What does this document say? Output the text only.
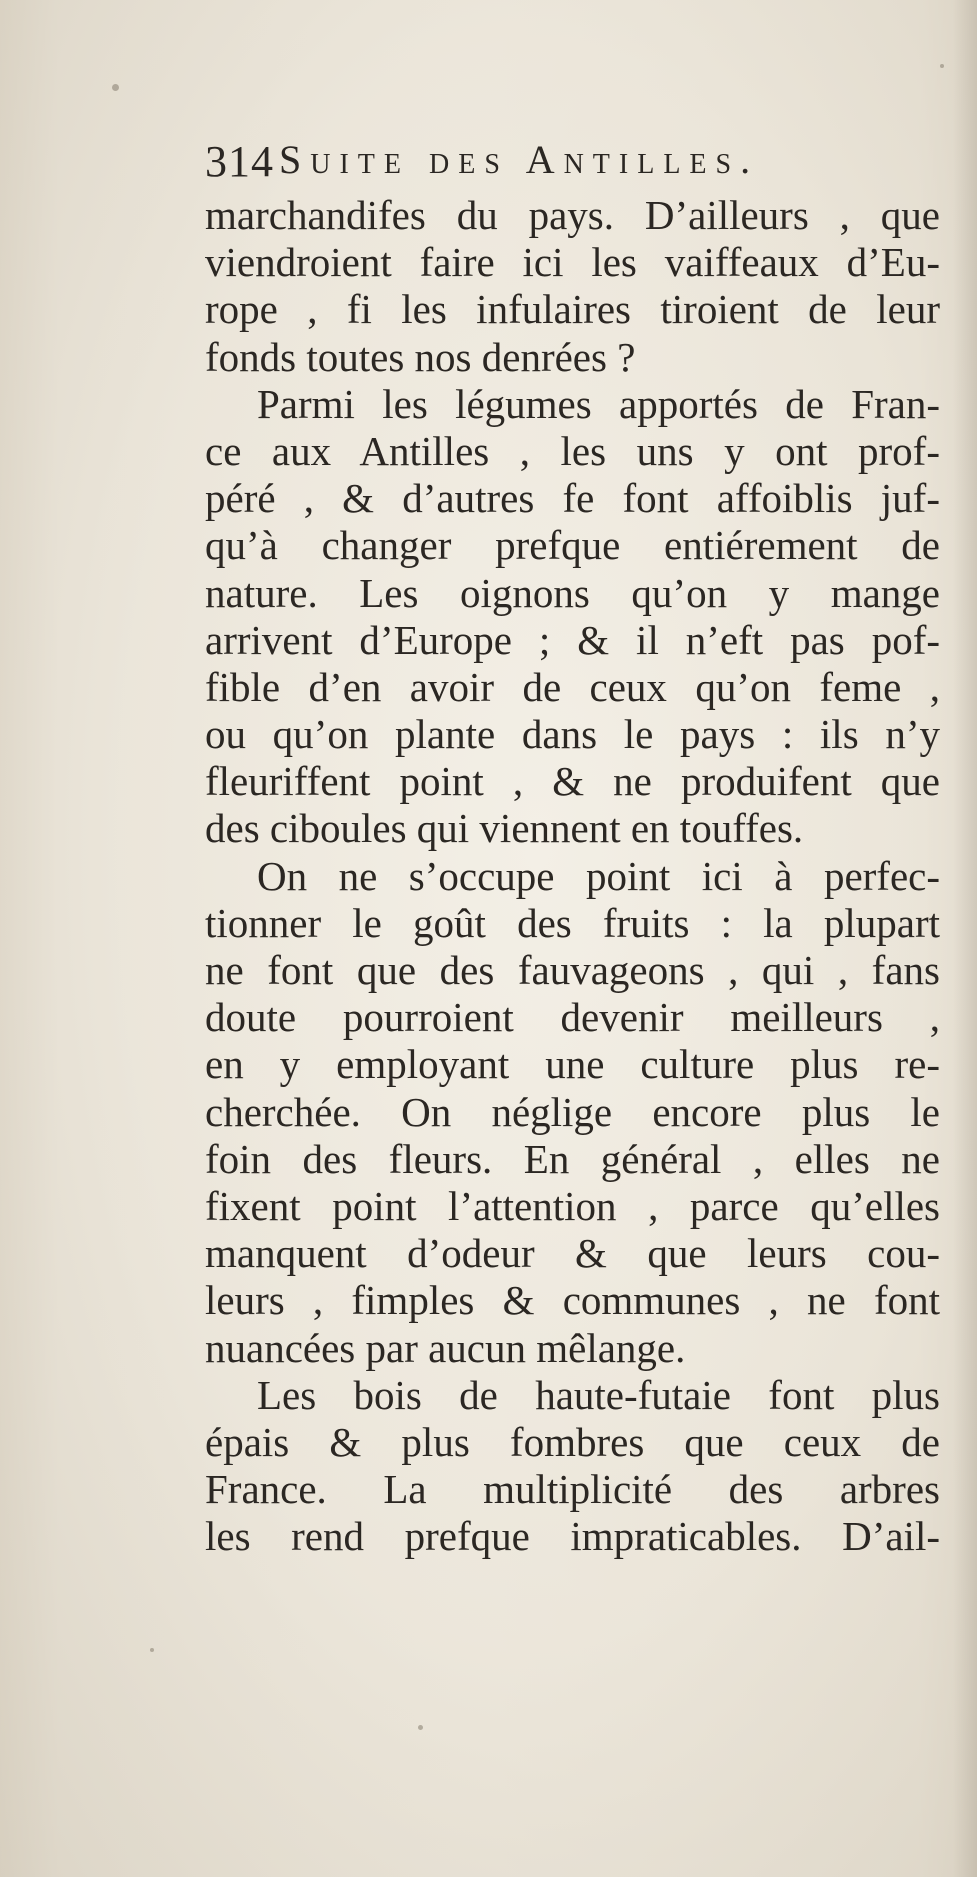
314 Suite des Antilles.
marchandifes du pays. D’ailleurs , que
viendroient faire ici les vaiffeaux d’Eu-
rope , fi les infulaires tiroient de leur
fonds toutes nos denrées ?
Parmi les légumes apportés de Fran-
ce aux Antilles , les uns y ont prof-
péré , & d’autres fe font affoiblis juf-
qu’à changer prefque entiérement de
nature. Les oignons qu’on y mange
arrivent d’Europe ; & il n’eft pas pof-
fible d’en avoir de ceux qu’on feme ,
ou qu’on plante dans le pays : ils n’y
fleuriffent point , & ne produifent que
des ciboules qui viennent en touffes.
On ne s’occupe point ici à perfec-
tionner le goût des fruits : la plupart
ne font que des fauvageons , qui , fans
doute pourroient devenir meilleurs ,
en y employant une culture plus re-
cherchée. On néglige encore plus le
foin des fleurs. En général , elles ne
fixent point l’attention , parce qu’elles
manquent d’odeur & que leurs cou-
leurs , fimples & communes , ne font
nuancées par aucun mêlange.
Les bois de haute-futaie font plus
épais & plus fombres que ceux de
France. La multiplicité des arbres
les rend prefque impraticables. D’ail-
